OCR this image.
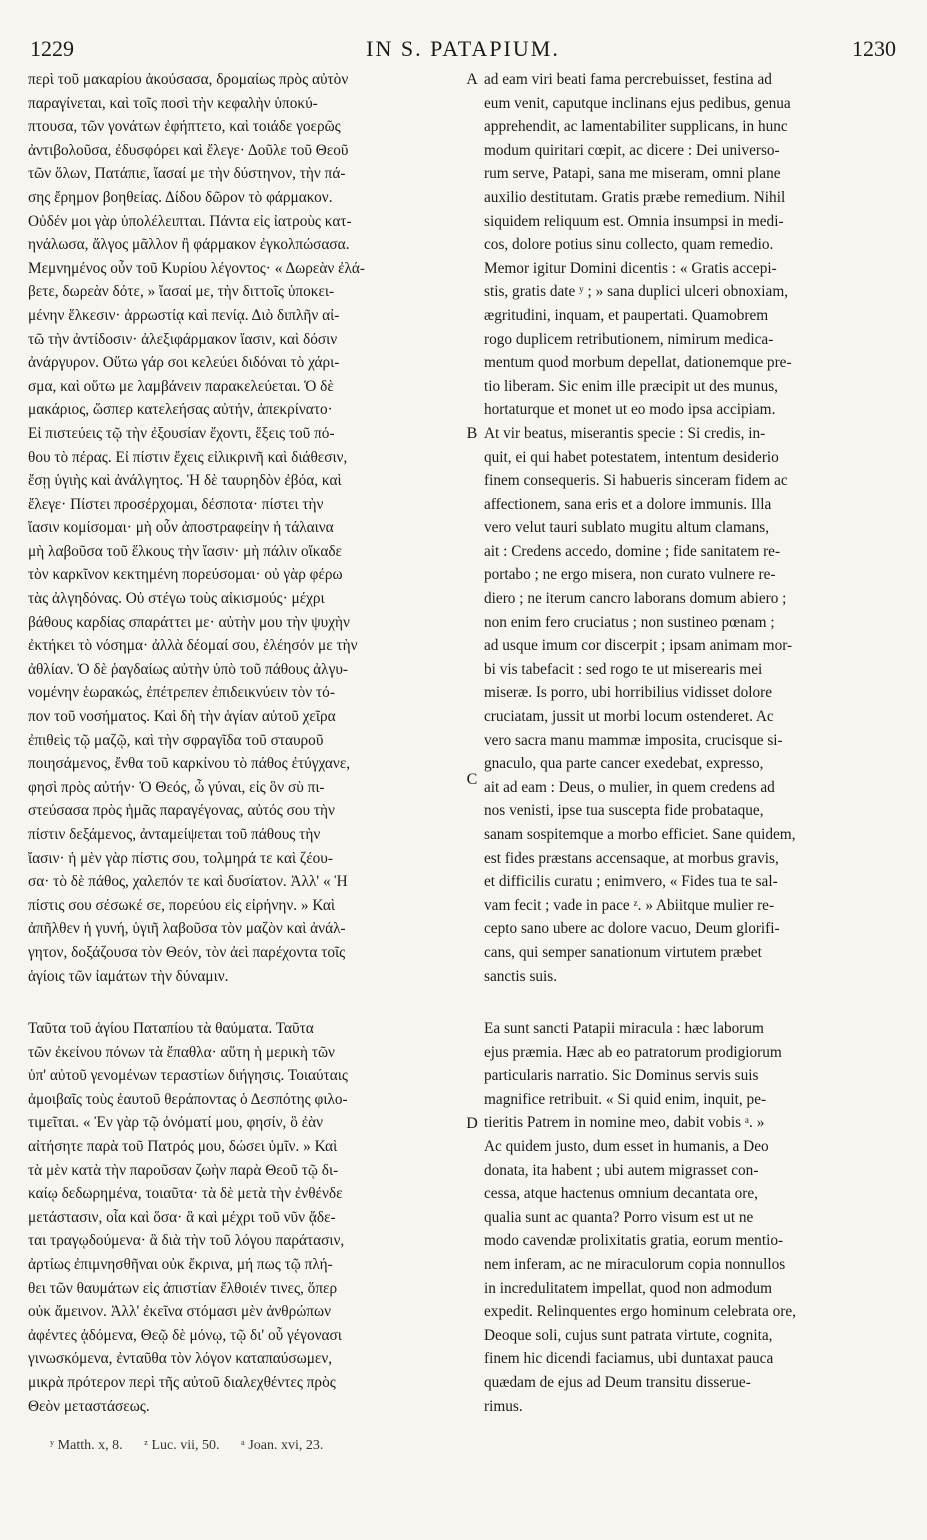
1229	IN S. PATAPIUM.	1230
περὶ τοῦ μακαρίου ἀκούσασα, δρομαίως πρὸς αὐτὸν
παραγίνεται, καὶ τοῖς ποσὶ τὴν κεφαλὴν ὑποκύ-
πτουσα, τῶν γονάτων ἐφήπτετο, καὶ τοιάδε γοερῶς
ἀντιβολοῦσα, ἐδυσφόρει καὶ ἔλεγε· Δοῦλε τοῦ Θεοῦ
τῶν ὅλων, Πατάπιε, ἴασαί με τὴν δύστηνον, τὴν πά-
σης ἔρημον βοηθείας. Δίδου δῶρον τὸ φάρμακον.
Οὐδέν μοι γὰρ ὑπολέλειπται. Πάντα εἰς ἰατροὺς κατ-
ηνάλωσα, ἄλγος μᾶλλον ἢ φάρμακον ἐγκολπώσασα.
Μεμνημένος οὖν τοῦ Κυρίου λέγοντος· « Δωρεὰν ἐλά-
βετε, δωρεὰν δότε, » ἴασαί με, τὴν διττοῖς ὑποκει-
μένην ἕλκεσιν· ἀρρωστίᾳ καὶ πενίᾳ. Διὸ διπλῆν αἰ-
τῶ τὴν ἀντίδοσιν· ἀλεξιφάρμακον ἴασιν, καὶ δόσιν
ἀνάργυρον. Οὕτω γάρ σοι κελεύει διδόναι τὸ χάρι-
σμα, καὶ οὕτω με λαμβάνειν παρακελεύεται. Ὁ δὲ
μακάριος, ὥσπερ κατελεήσας αὐτήν, ἀπεκρίνατο·
Εἰ πιστεύεις τῷ τὴν ἐξουσίαν ἔχοντι, ἕξεις τοῦ πό-
θου τὸ πέρας. Εἰ πίστιν ἔχεις εἰλικρινῆ καὶ διάθεσιν,
ἔσῃ ὑγιὴς καὶ ἀνάλγητος. Ἡ δὲ ταυρηδὸν ἐβόα, καὶ
ἔλεγε· Πίστει προσέρχομαι, δέσποτα· πίστει τὴν
ἴασιν κομίσομαι· μὴ οὖν ἀποστραφείην ἡ τάλαινα
μὴ λαβοῦσα τοῦ ἕλκους τὴν ἴασιν· μὴ πάλιν οἴκαδε
τὸν καρκῖνον κεκτημένη πορεύσομαι· οὐ γὰρ φέρω
τὰς ἀλγηδόνας. Οὐ στέγω τοὺς αἰκισμούς· μέχρι
βάθους καρδίας σπαράττει με· αὐτὴν μου τὴν ψυχὴν
ἐκτήκει τὸ νόσημα· ἀλλὰ δέομαί σου, ἐλέησόν με τὴν
ἀθλίαν. Ὁ δὲ ῥαγδαίως αὐτὴν ὑπὸ τοῦ πάθους ἀλγυ-
νομένην ἑωρακώς, ἐπέτρεπεν ἐπιδεικνύειν τὸν τό-
πον τοῦ νοσήματος. Καὶ δὴ τὴν ἁγίαν αὐτοῦ χεῖρα
ἐπιθεὶς τῷ μαζῷ, καὶ τὴν σφραγῖδα τοῦ σταυροῦ
ποιησάμενος, ἔνθα τοῦ καρκίνου τὸ πάθος ἐτύγχανε,
φησὶ πρὸς αὐτήν· Ὁ Θεός, ὦ γύναι, εἰς ὃν σὺ πι-
στεύσασα πρὸς ἡμᾶς παραγέγονας, αὐτός σου τὴν
πίστιν δεξάμενος, ἀνταμείψεται τοῦ πάθους τὴν
ἴασιν· ἡ μὲν γὰρ πίστις σου, τολμηρά τε καὶ ζέου-
σα· τὸ δὲ πάθος, χαλεπόν τε καὶ δυσίατον. Ἀλλ' « Ἡ
πίστις σου σέσωκέ σε, πορεύου εἰς εἰρήνην. » Καὶ
ἀπῆλθεν ἡ γυνή, ὑγιῆ λαβοῦσα τὸν μαζὸν καὶ ἀνάλ-
γητον, δοξάζουσα τὸν Θεόν, τὸν ἀεὶ παρέχοντα τοῖς
ἁγίοις τῶν ἰαμάτων τὴν δύναμιν.
ad eam viri beati fama percrebuisset, festina ad
eum venit, caputque inclinans ejus pedibus, genua
apprehendit, ac lamentabiliter supplicans, in hunc
modum quiritari cœpit, ac dicere : Dei universo-
rum serve, Patapi, sana me miseram, omni plane
auxilio destitutam. Gratis præbe remedium. Nihil
siquidem reliquum est. Omnia insumpsi in medi-
cos, dolore potius sinu collecto, quam remedio.
Memor igitur Domini dicentis : « Gratis accepi-
stis, gratis date ʸ ; » sana duplici ulceri obnoxiam,
ægritudini, inquam, et paupertati. Quamobrem
rogo duplicem retributionem, nimirum medica-
mentum quod morbum depellat, dationemque pre-
tio liberam. Sic enim ille præcipit ut des munus,
hortaturque et monet ut eo modo ipsa accipiam.
At vir beatus, miserantis specie : Si credis, in-
quit, ei qui habet potestatem, intentum desiderio
finem consequeris. Si habueris sinceram fidem ac
affectionem, sana eris et a dolore immunis. Illa
vero velut tauri sublato mugitu altum clamans,
ait : Credens accedo, domine ; fide sanitatem re-
portabo ; ne ergo misera, non curato vulnere re-
diero ; ne iterum cancro laborans domum abiero ;
non enim fero cruciatus ; non sustineo pœnam ;
ad usque imum cor discerpit ; ipsam animam mor-
bi vis tabefacit : sed rogo te ut miserearis mei
miseræ. Is porro, ubi horribilius vidisset dolore
cruciatam, jussit ut morbi locum ostenderet. Ac
vero sacra manu mammæ imposita, crucisque si-
gnaculo, qua parte cancer exedebat, expresso,
ait ad eam : Deus, o mulier, in quem credens ad
nos venisti, ipse tua suscepta fide probataque,
sanam sospitemque a morbo efficiet. Sane quidem,
est fides præstans accensaque, at morbus gravis,
et difficilis curatu ; enimvero, « Fides tua te sal-
vam fecit ; vade in pace ᶻ. » Abiitque mulier re-
cepto sano ubere ac dolore vacuo, Deum glorifi-
cans, qui semper sanationum virtutem præbet
sanctis suis.
A
B
C
D
Ταῦτα τοῦ ἁγίου Παταπίου τὰ θαύματα. Ταῦτα
τῶν ἐκείνου πόνων τὰ ἔπαθλα· αὕτη ἡ μερικὴ τῶν
ὑπ' αὐτοῦ γενομένων τεραστίων διήγησις. Τοιαύταις
ἀμοιβαῖς τοὺς ἑαυτοῦ θεράποντας ὁ Δεσπότης φιλο-
τιμεῖται. « Ἐν γὰρ τῷ ὀνόματί μου, φησίν, ὃ ἐὰν
αἰτήσητε παρὰ τοῦ Πατρός μου, δώσει ὑμῖν. » Καὶ
τὰ μὲν κατὰ τὴν παροῦσαν ζωὴν παρὰ Θεοῦ τῷ δι-
καίῳ δεδωρημένα, τοιαῦτα· τὰ δὲ μετὰ τὴν ἐνθένδε
μετάστασιν, οἷα καὶ ὅσα· ἃ καὶ μέχρι τοῦ νῦν ᾄδε-
ται τραγῳδούμενα· ἃ διὰ τὴν τοῦ λόγου παράτασιν,
ἀρτίως ἐπιμνησθῆναι οὐκ ἔκρινα, μή πως τῷ πλή-
θει τῶν θαυμάτων εἰς ἀπιστίαν ἔλθοιέν τινες, ὅπερ
οὐκ ἄμεινον. Ἀλλ' ἐκεῖνα στόμασι μὲν ἀνθρώπων
ἀφέντες ᾀδόμενα, Θεῷ δὲ μόνῳ, τῷ δι' οὗ γέγονασι
γινωσκόμενα, ἐνταῦθα τὸν λόγον καταπαύσωμεν,
μικρὰ πρότερον περὶ τῆς αὐτοῦ διαλεχθέντες πρὸς
Θεὸν μεταστάσεως.
Ea sunt sancti Patapii miracula : hæc laborum
ejus præmia. Hæc ab eo patratorum prodigiorum
particularis narratio. Sic Dominus servis suis
magnifice retribuit. « Si quid enim, inquit, pe-
tieritis Patrem in nomine meo, dabit vobis ᵃ. »
Ac quidem justo, dum esset in humanis, a Deo
donata, ita habent ; ubi autem migrasset con-
cessa, atque hactenus omnium decantata ore,
qualia sunt ac quanta? Porro visum est ut ne
modo cavendæ prolixitatis gratia, eorum mentio-
nem inferam, ac ne miraculorum copia nonnullos
in incredulitatem impellat, quod non admodum
expedit. Relinquentes ergo hominum celebrata ore,
Deoque soli, cujus sunt patrata virtute, cognita,
finem hic dicendi faciamus, ubi duntaxat pauca
quædam de ejus ad Deum transitu disserue-
rimus.
ʸ Matth. x, 8. ᶻ Luc. vii, 50. ᵃ Joan. xvi, 23.
